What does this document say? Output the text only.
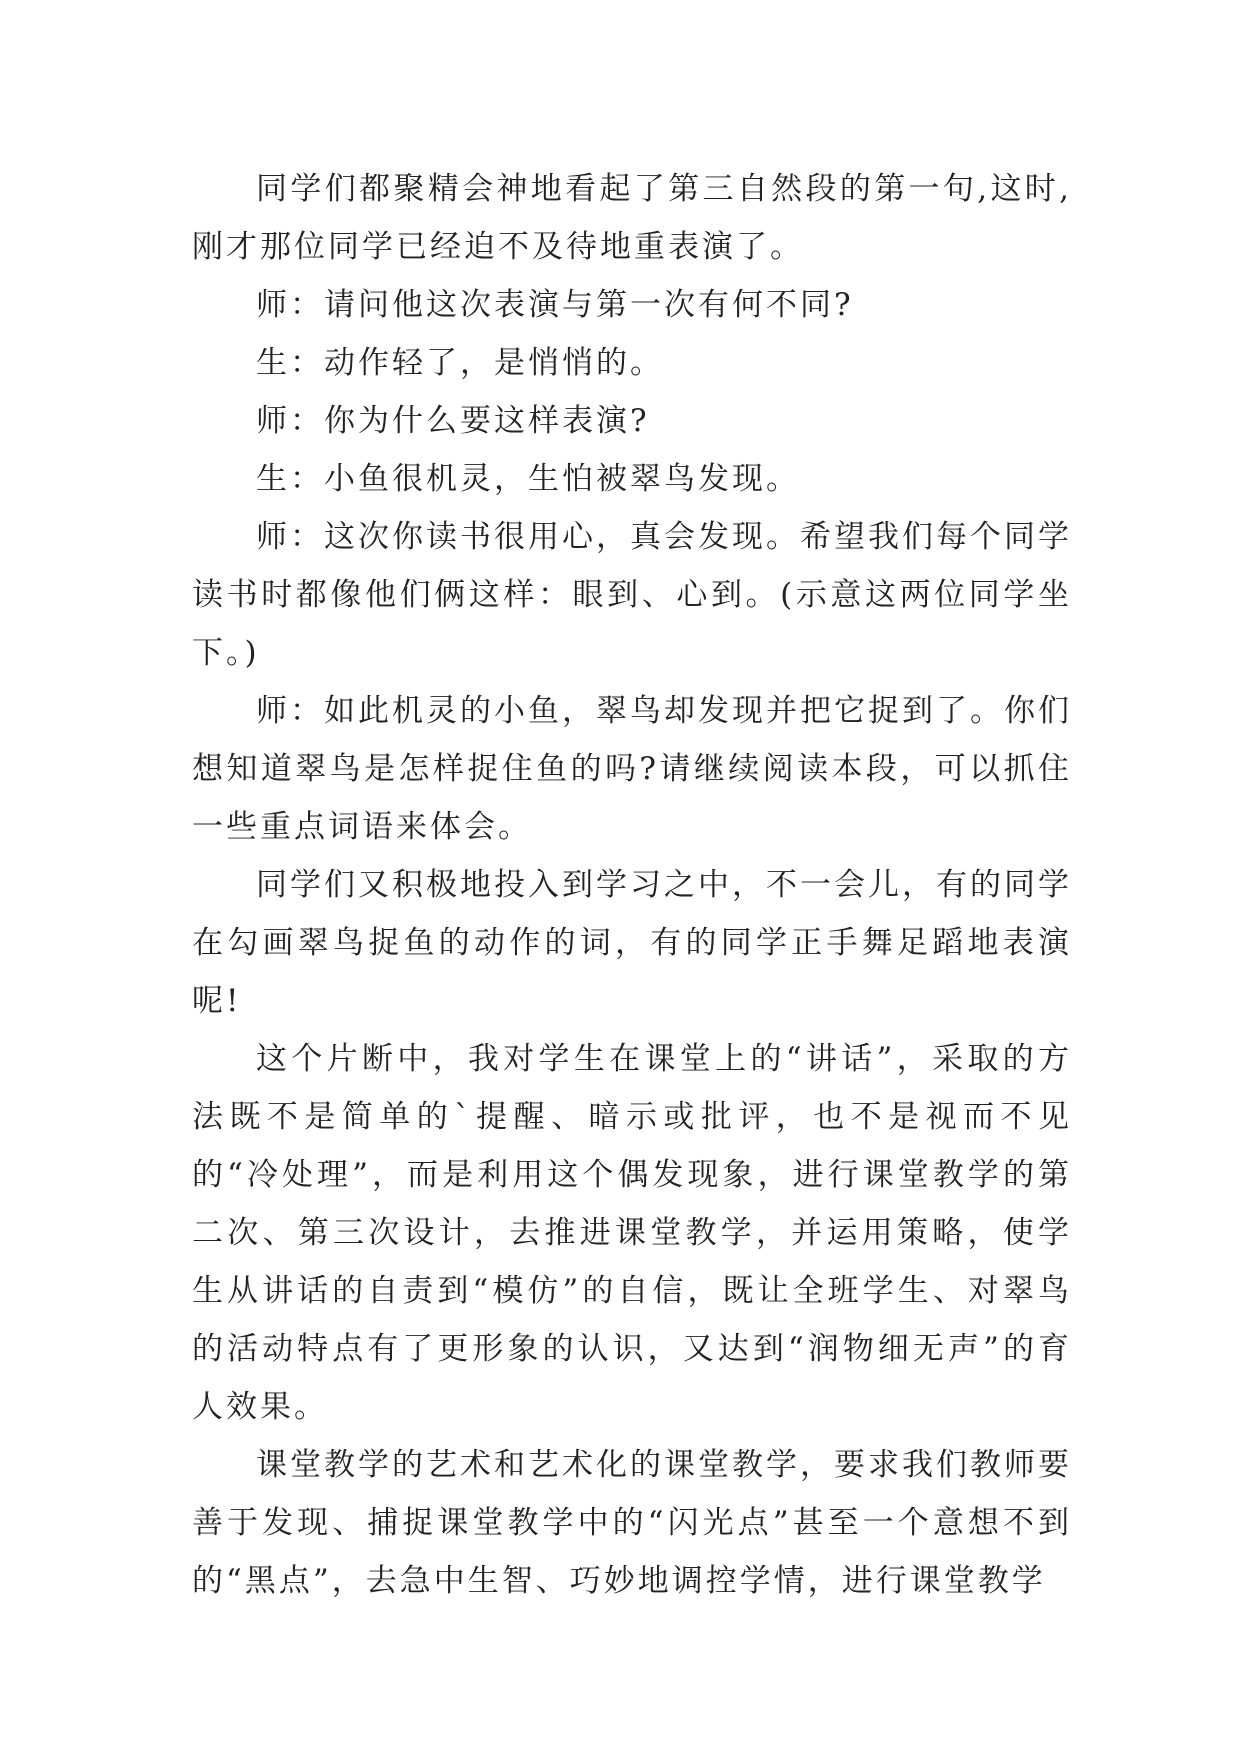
同学们都聚精会神地看起了第三自然段的第一句,这时,刚才那位同学已经迫不及待地重表演了。

师：请问他这次表演与第一次有何不同?

生：动作轻了，是悄悄的。

师：你为什么要这样表演?

生：小鱼很机灵，生怕被翠鸟发现。

师：这次你读书很用心，真会发现。希望我们每个同学读书时都像他们俩这样：眼到、心到。(示意这两位同学坐下。)

师：如此机灵的小鱼，翠鸟却发现并把它捉到了。你们想知道翠鸟是怎样捉住鱼的吗?请继续阅读本段，可以抓住一些重点词语来体会。

同学们又积极地投入到学习之中，不一会儿，有的同学在勾画翠鸟捉鱼的动作的词，有的同学正手舞足蹈地表演呢!

这个片断中，我对学生在课堂上的“讲话”，采取的方法既不是简单的`提醒、暗示或批评，也不是视而不见的“冷处理”，而是利用这个偶发现象，进行课堂教学的第二次、第三次设计，去推进课堂教学，并运用策略，使学生从讲话的自责到“模仿”的自信，既让全班学生、对翠鸟的活动特点有了更形象的认识，又达到“润物细无声”的育人效果。

课堂教学的艺术和艺术化的课堂教学，要求我们教师要善于发现、捕捉课堂教学中的“闪光点”甚至一个意想不到的“黑点”，去急中生智、巧妙地调控学情，进行课堂教学
